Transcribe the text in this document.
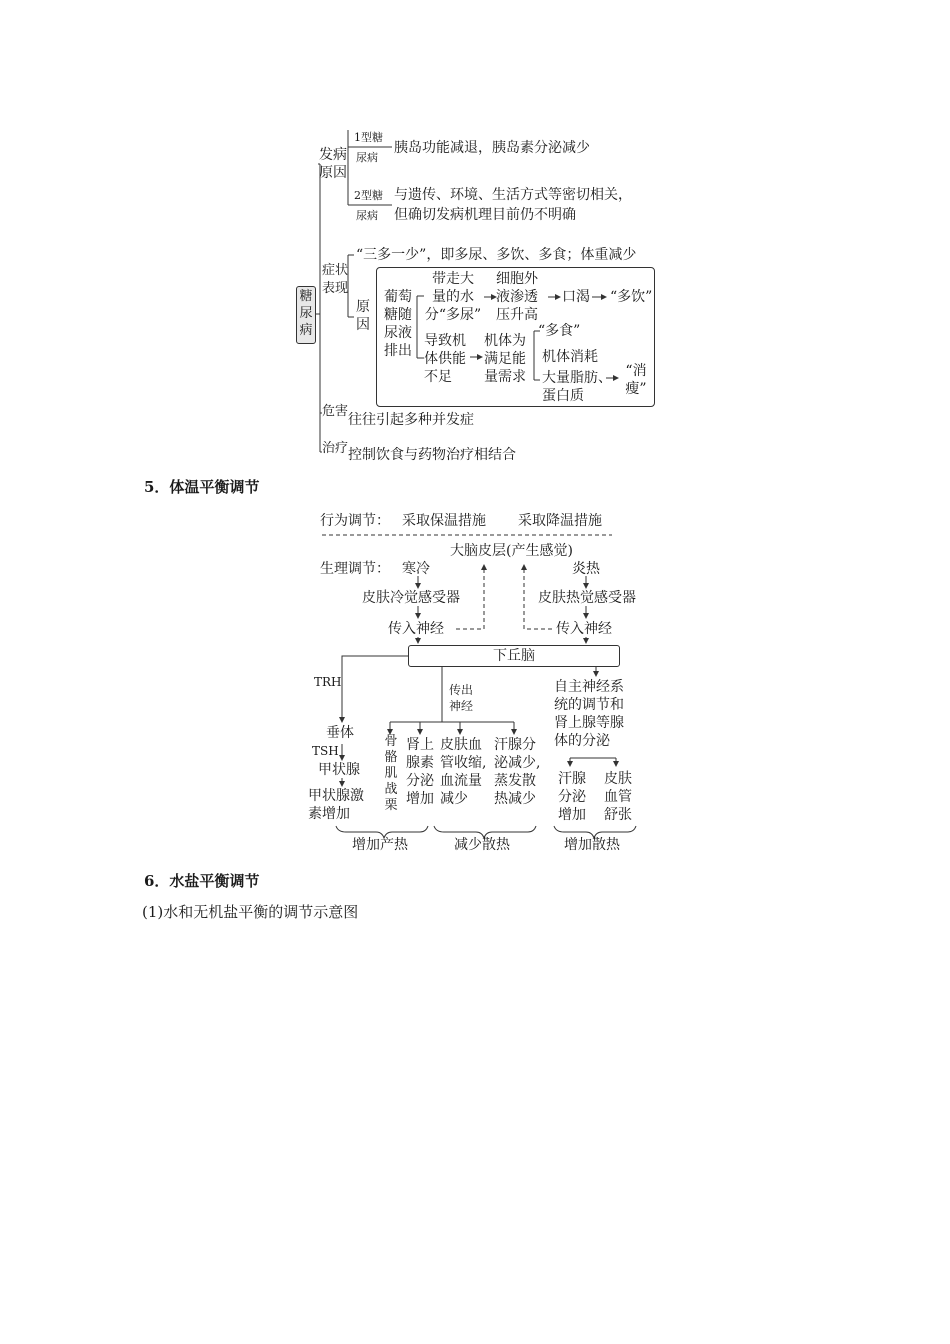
糖
尿
病
发病
原因
1型糖
尿病
胰岛功能减退，胰岛素分泌减少
2型糖
尿病
与遗传、环境、生活方式等密切相关，
但确切发病机理目前仍不明确
症状
表现
“三多一少”，即多尿、多饮、多食；体重减少
原
因
葡萄
糖随
尿液
排出
带走大
量的水
分“多尿”
细胞外
液渗透
压升高
口渴 “多饮”
导致机
体供能
不足
机体为
满足能
量需求
“多食”
机体消耗
大量脂肪、
蛋白质
“消
瘦”
危害
往往引起多种并发症
治疗 控制饮食与药物治疗相结合
5．体温平衡调节
行为调节： 采取保温措施 采取降温措施
大脑皮层(产生感觉)
生理调节： 寒冷	炎热
皮肤冷觉感受器	皮肤热觉感受器
传入神经	传入神经
下丘脑
TRH
传出
神经
自主神经系
统的调节和
肾上腺等腺
体的分泌
垂体
TSH
甲状腺
甲状腺激
素增加
骨
骼
肌
战
栗
肾上
腺素
分泌
增加
皮肤血
管收缩,
血流量
减少
汗腺分
泌减少,
蒸发散
热减少
汗腺
分泌
增加
皮肤
血管
舒张
增加产热	减少散热	增加散热
6．水盐平衡调节
(1)水和无机盐平衡的调节示意图
